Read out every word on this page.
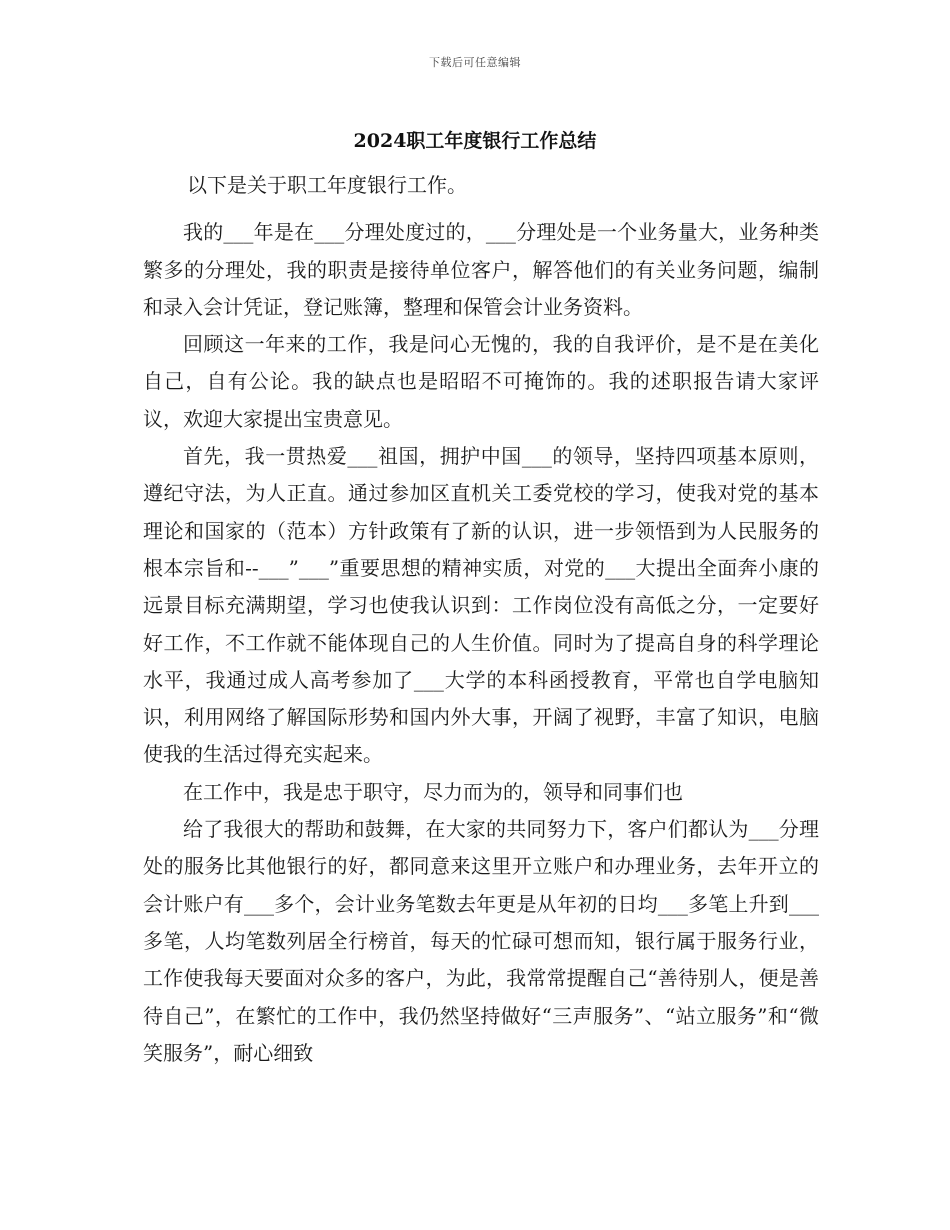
下载后可任意编辑
2024职工年度银行工作总结

以下是关于职工年度银行工作。

我的___年是在___分理处度过的，___分理处是一个业务量大，业务种类繁多的分理处，我的职责是接待单位客户，解答他们的有关业务问题，编制和录入会计凭证，登记账簿，整理和保管会计业务资料。

回顾这一年来的工作，我是问心无愧的，我的自我评价，是不是在美化自己，自有公论。我的缺点也是昭昭不可掩饰的。我的述职报告请大家评议，欢迎大家提出宝贵意见。

首先，我一贯热爱___祖国，拥护中国___的领导，坚持四项基本原则，遵纪守法，为人正直。通过参加区直机关工委党校的学习，使我对党的基本理论和国家的（范本）方针政策有了新的认识，进一步领悟到为人民服务的根本宗旨和--___”___”重要思想的精神实质，对党的___大提出全面奔小康的远景目标充满期望，学习也使我认识到：工作岗位没有高低之分，一定要好好工作，不工作就不能体现自己的人生价值。同时为了提高自身的科学理论水平，我通过成人高考参加了___大学的本科函授教育，平常也自学电脑知识，利用网络了解国际形势和国内外大事，开阔了视野，丰富了知识，电脑使我的生活过得充实起来。

在工作中，我是忠于职守，尽力而为的，领导和同事们也

给了我很大的帮助和鼓舞，在大家的共同努力下，客户们都认为___分理处的服务比其他银行的好，都同意来这里开立账户和办理业务，去年开立的会计账户有___多个，会计业务笔数去年更是从年初的日均___多笔上升到___多笔，人均笔数列居全行榜首，每天的忙碌可想而知，银行属于服务行业，工作使我每天要面对众多的客户，为此，我常常提醒自己“善待别人，便是善待自己”，在繁忙的工作中，我仍然坚持做好“三声服务”、“站立服务”和“微笑服务”，耐心细致
